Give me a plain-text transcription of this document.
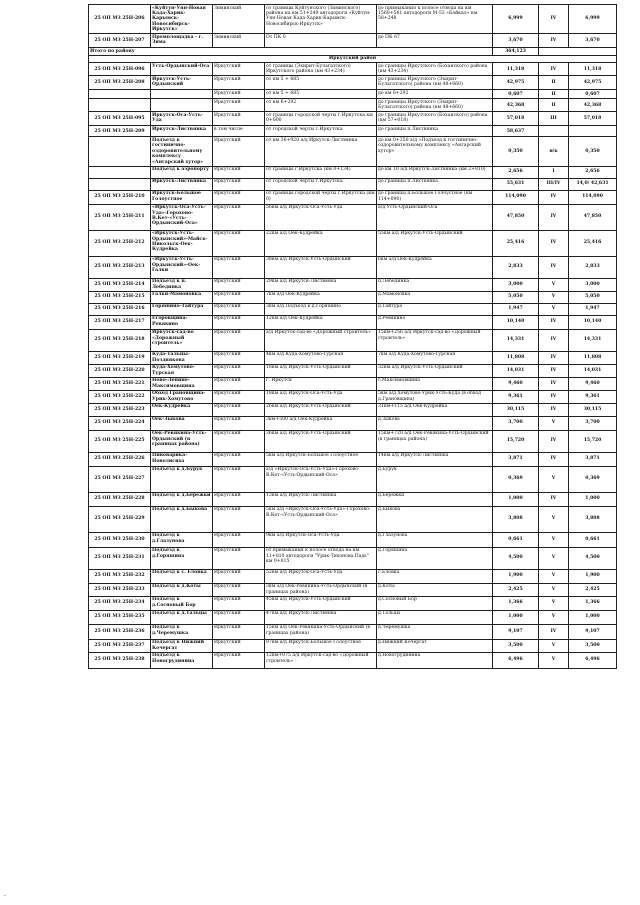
25 ОП МЗ 25Н-206	«Куйтун-Уян-Новая Када-Харик-Карымск-Новосибирск-Иркутск»	Зиминский	от границы Куйтунского (Зиминского) района на км 51+249 автодороги «Куйтун-Уян-Новая Када-Харик-Карымск-Новосибирск-Иркутск»	до примыкания к полосе отвода на км 1560+561 автодороги М-53 «Байкал» км 58+248	6,999	IV	6,999
25 ОП МЗ 25Н-207	Промплощадка - г. Зима	Зиминский	От ПК 0	до ПК 67	3,670	IV	3,670
Итого по району					364,123		
Иркутский район							
25 ОП МЗ 25Н-096	Усть-Ордынский-Оса	Иркутский	от границы (Эхирит-Булагатского) Иркутского района (км 43+234)	до границы Иркутского (Боханского) района (км 43+234)	11,318	IV	11,318
25 ОП МЗ 25Н-208	Иркутск-Усть-Ордынский	Иркутский	от км 5 + 685	до границы Иркутского (Эхирит-Булагатского) района (км 48+660)	42,975	II	42,975
		Иркутский	от км 5 + 685	до км 6+292	0,607	II	0,607
		Иркутский	от км 6+292	до границы Иркутского (Эхирит-Булагатского) района (км 48+660)	42,368	II	42,368
25 ОП МЗ 25Н-095	Иркутск-Оса-Усть-Уда	Иркутский	от границы городской черты г.Иркутска км 0+000	до границы Иркутского (Боханского) района (км 57+018)	57,018	III	57,018
25 ОП МЗ 25Н-209	Иркутск-Листвянка	в том числе	от городской черты г.Иркутска	до границы п.Листвянка	58,637		
	Подъезд к гостинично-оздоровительному комплексу «Ангарский хутор»	Иркутский	от км 36+920 а/д Иркутск-Листвянка	до км 0+350 а/д «Подъезд к гостинично-оздоровительному комплексу «Ангарский хутор»	0,350	н/к	0,350
	Подъезд к аэропорту	Иркутский	от границы г.Иркутска (км 0+134)	до км 10 а/д Иркутск-Листвянка (км 2+810)	2,656	I	2,656
	Иркутск-Листвянка	Иркутский	от городской черты г.Иркутска	до границы п.Листвянка	55,631	III/IV	14,0/ 42,631
25 ОП МЗ 25Н-210	Иркутск-Большое Голоустное	Иркутский	от границы городской черты г.Иркутска (км 0)	до границы п.Большое Голоустное (км 114+090)	114,090	IV	114,090
25 ОП МЗ 25Н-211	«Иркутск-Оса-Усть-Уда»-Горохово-В.Кет-«Усть-Ордынский-Оса»	Иркутский	56км а/д Иркутск-Оса-Усть-Уда	а/д Усть-Ордынский-Оса	47,850	IV	47,850
25 ОП МЗ 25Н-212	«Иркутск-Усть-Ордынский»-Майск-Никольск-Оек-Кудрейка	Иркутский	22км а/д Оек-Кудрейка	55км а/д Иркутск-Усть-Ордынский	25,416	IV	25,416
25 ОП МЗ 25Н-213	«Иркутск-Усть-Ордынский»-Оек-Галки	Иркутский	38км а/д Иркутск-Усть-Ордынский	6км а/д Оек-Кудрейка	2,833	IV	2,833
25 ОП МЗ 25Н-214	Подъезд к п. Лебединка	Иркутский	29км а/д Иркутск-Листвянка	п.Лебединка	3,000	V	3,000
25 ОП МЗ 25Н-215	Галки-Мамоновка	Иркутский	7км а/д Оек-Кудрейка	д.Мамоновка	5,050	V	5,050
25 ОП МЗ 25Н-216	Горяшино-Тайтура	Иркутский	3км а/д Подъезд к д.Горяшино	д.Тайтура	1,947	V	1,947
25 ОП МЗ 25Н-217	Егоровщина-Ревякино	Иркутский	12км а/д Оек-Кудрейка	д.Ревякино	10,140	IV	10,140
25 ОП МЗ 25Н-218	Иркутск-сад-во «Дорожный строитель»	Иркутский	а/д Иркутск-сад-во «Дорожный строитель»	15км+256 а/д Иркутск-сад-во «Дорожный строитель»	14,331	IV	14,331
25 ОП МЗ 25Н-219	Куда-Тальцы-Позднякова	Иркутский	4км а/д Куда-Хомутово-Турская	7км а/д Куда-Хомутово-Турская	11,808	IV	11,808
25 ОП МЗ 25Н-220	Куда-Хомутово-Турская	Иркутский	18км а/д Иркутск-Усть-Ордынский	32км а/д Иркутск-Усть-Ордынский	14,031	IV	14,031
25 ОП МЗ 25Н-221	Ново-Ленино-Максимовщина	Иркутский	г. Иркутск	с.Максимовщина	9,460	IV	9,460
25 ОП МЗ 25Н-222	Обход Грановщина-Урик-Хомутово	Иркутский	18км а/д Иркутск-Оса-Усть-Уда	5км а/д Хомутово-Урик-Усть-Куда (в обход д.Грановщина)	9,361	IV	9,361
25 ОП МЗ 25Н-223	Оек-Кудрейка	Иркутский	26км а/д Иркутск-Усть-Ордынский	31км+115 а/д Оек-Кудрейка	30,115	IV	30,115
25 ОП МЗ 25Н-224	Оек-Зыкова	Иркутский	3км+500 а/д Оек-Кудрейка	д.Зыкова	3,700	V	3,700
25 ОП МЗ 25Н-225	Оек-Ревякина-Усть-Ордынский (в границах района)	Иркутский	36км а/д Иркутск-Усть-Ордынский	15км+720 а/д Оек-Ревякина-Усть-Ордынский (в границах района)	15,720	IV	15,720
25 ОП МЗ 25Н-226	Пивоварика-Новолисиха	Иркутский	5км а/д Иркутск-Большое Голоустное	14км а/д Иркутск-Листвянка	3,871	IV	3,871
25 ОП МЗ 25Н-227	Подъезд к д.Бурук	Иркутский	а/д «Иркутск-Оса-Усть-Уда»-Горохово-В.Кет-«Усть-Ордынский-Оса»	д.Бурук	0,369	V	0,369
25 ОП МЗ 25Н-228	Подъезд к д.Бережки	Иркутский	13км а/д Иркутск-Листвянка	д.Бережки	1,000	IV	1,000
25 ОП МЗ 25Н-229	Подъезд к д.Быкова	Иркутский	5км а/д «Иркутск-Оса-Усть-Уда»-Горохово-В.Кет-«Усть-Ордынский-Оса»	д.Быкова	3,808	V	3,808
25 ОП МЗ 25Н-230	Подъезд к д.Глазунова	Иркутский	9км а/д Иркутск-Оса-Усть-Уда	д.Глазунова	0,661	V	0,661
25 ОП МЗ 25Н-231	Подъезд к д.Горяшина	Иркутский	от примыкания к полосе отвода на км 11+010 автодороги "Урик-Тихонова Падь" км 0+015	д.Горяшина	4,500	V	4,500
25 ОП МЗ 25Н-232	Подъезд к с. Еловка	Иркутский	52км а/д Иркутск-Оса-Усть-Уда	с.Еловка	1,900	V	1,900
25 ОП МЗ 25Н-233	Подъезд к д.Коты	Иркутский	3км а/д Оек-Ревякина-Усть-Ордынский (в границах района)	д.Коты	2,425	V	2,425
25 ОП МЗ 25Н-234	Подъезд к д.Сосновый Бор	Иркутский	45км а/д Иркутск-Усть-Ордынский	д.Сосновый Бор	1,366	V	1,366
25 ОП МЗ 25Н-235	Подъезд к д.Тальцы	Иркутский	47км а/д Иркутск-Листвянка	д.Тальцы	1,000	V	1,000
25 ОП МЗ 25Н-236	Подъезд к д.Черемушка	Иркутский	15км а/д Оек-Ревякина-Усть-Ордынский (в границах района)	д.Черемушка	9,107	IV	9,107
25 ОП МЗ 25Н-237	Подъезд к Нижний Кочергат	Иркутский	97км а/д Иркутск-Большое Голоустное	д.Нижний Кочергат	3,500	V	3,500
25 ОП МЗ 25Н-238	Подъезд к Новогрудинина	Иркутский	12км+075 а/д Иркутск-сад-во «Дорожный строитель»	д.Новогрудинина	6,496	V	6,496
·
